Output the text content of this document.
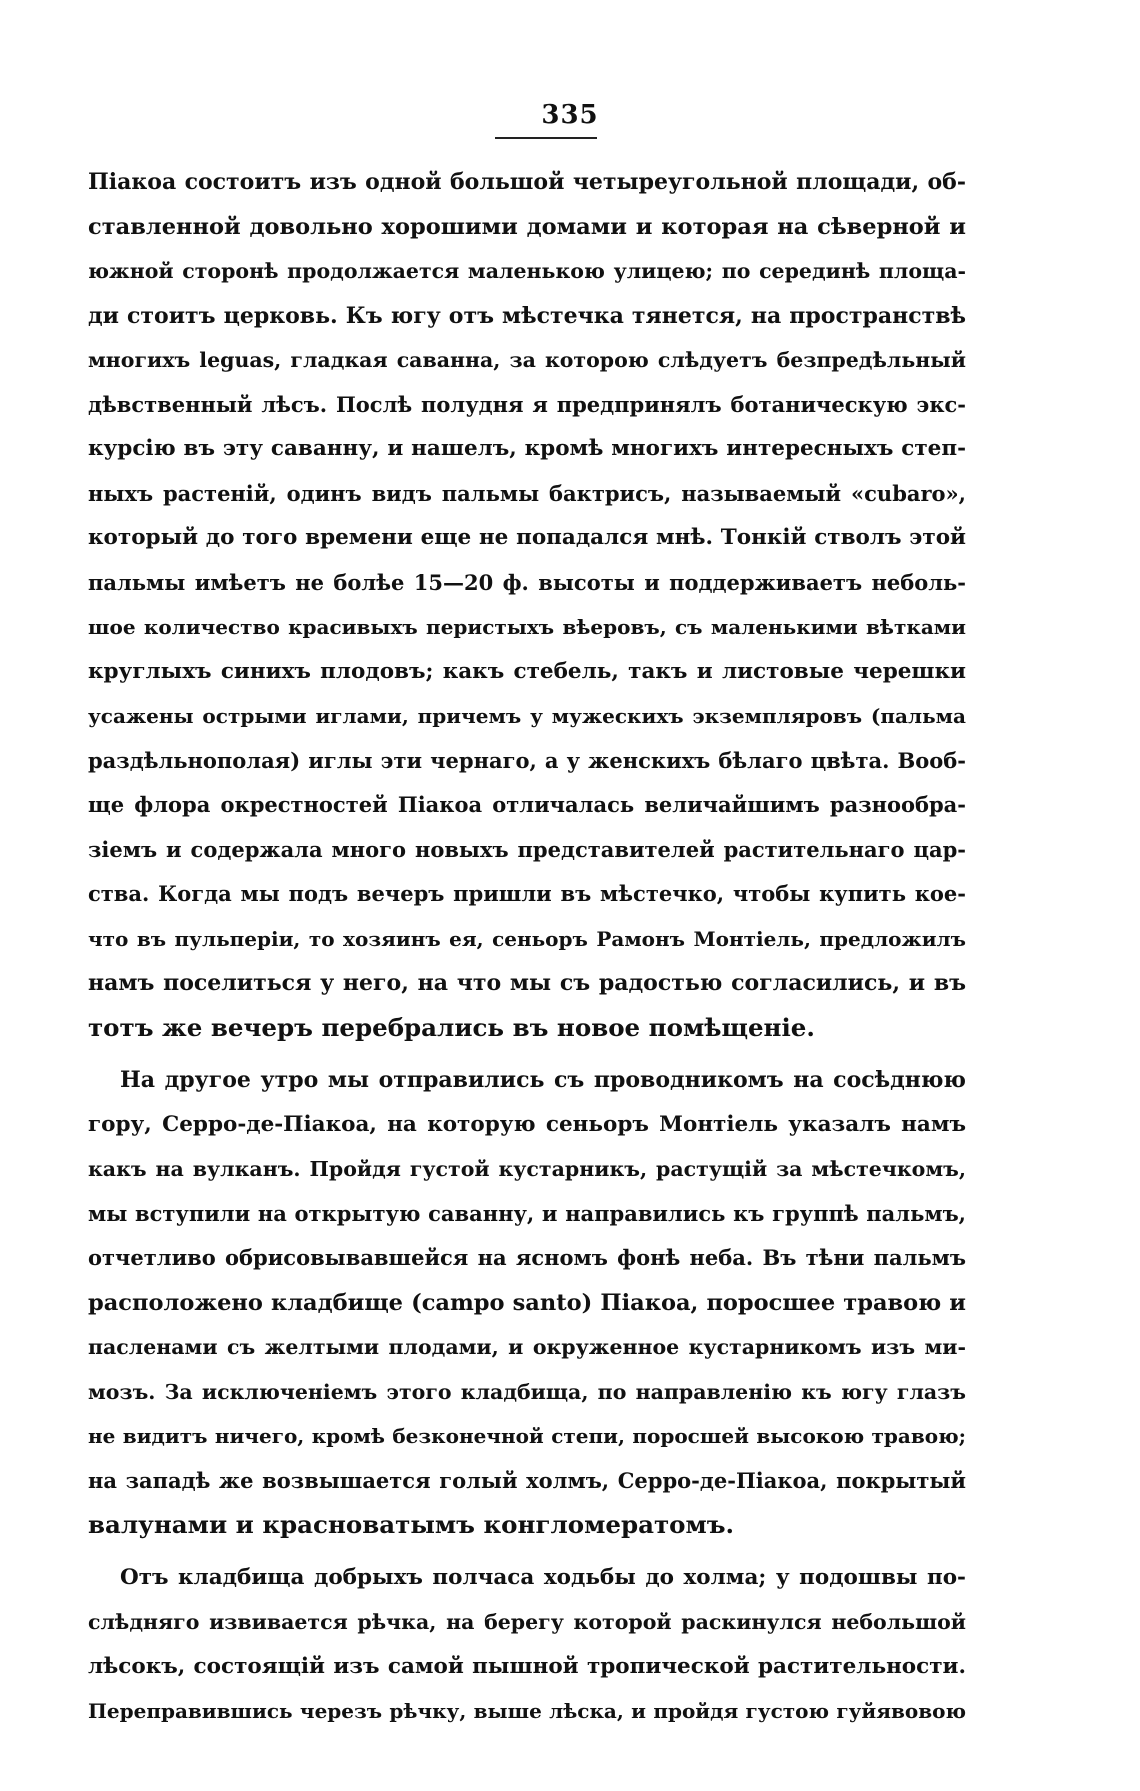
335
Піакоа состоитъ изъ одной большой четыреугольной площади, об-
ставленной довольно хорошими домами и которая на сѣверной и
южной сторонѣ продолжается маленькою улицею; по серединѣ площа-
ди стоитъ церковь. Къ югу отъ мѣстечка тянется, на пространствѣ
многихъ leguas, гладкая саванна, за которою слѣдуетъ безпредѣльный
дѣвственный лѣсъ. Послѣ полудня я предпринялъ ботаническую экс-
курсію въ эту саванну, и нашелъ, кромѣ многихъ интересныхъ степ-
ныхъ растеній, одинъ видъ пальмы бактрисъ, называемый «cubaro»,
который до того времени еще не попадался мнѣ. Тонкій стволъ этой
пальмы имѣетъ не болѣе 15—20 ф. высоты и поддерживаетъ неболь-
шое количество красивыхъ перистыхъ вѣеровъ, съ маленькими вѣтками
круглыхъ синихъ плодовъ; какъ стебель, такъ и листовые черешки
усажены острыми иглами, причемъ у мужескихъ экземпляровъ (пальма
раздѣльнополая) иглы эти чернаго, а у женскихъ бѣлаго цвѣта. Вооб-
ще флора окрестностей Піакоа отличалась величайшимъ разнообра-
зіемъ и содержала много новыхъ представителей растительнаго цар-
ства. Когда мы подъ вечеръ пришли въ мѣстечко, чтобы купить кое-
что въ пульперіи, то хозяинъ ея, сеньоръ Рамонъ Монтіель, предложилъ
намъ поселиться у него, на что мы съ радостью согласились, и въ
тотъ же вечеръ перебрались въ новое помѣщеніе.
На другое утро мы отправились съ проводникомъ на сосѣднюю
гору, Серро-де-Піакоа, на которую сеньоръ Монтіель указалъ намъ
какъ на вулканъ. Пройдя густой кустарникъ, растущій за мѣстечкомъ,
мы вступили на открытую саванну, и направились къ группѣ пальмъ,
отчетливо обрисовывавшейся на ясномъ фонѣ неба. Въ тѣни пальмъ
расположено кладбище (campo santo) Піакоа, поросшее травою и
пасленами съ желтыми плодами, и окруженное кустарникомъ изъ ми-
мозъ. За исключеніемъ этого кладбища, по направленію къ югу глазъ
не видитъ ничего, кромѣ безконечной степи, поросшей высокою травою;
на западѣ же возвышается голый холмъ, Серро-де-Піакоа, покрытый
валунами и красноватымъ конгломератомъ.
Отъ кладбища добрыхъ полчаса ходьбы до холма; у подошвы по-
слѣдняго извивается рѣчка, на берегу которой раскинулся небольшой
лѣсокъ, состоящій изъ самой пышной тропической растительности.
Переправившись черезъ рѣчку, выше лѣска, и пройдя густою гуйявовою
